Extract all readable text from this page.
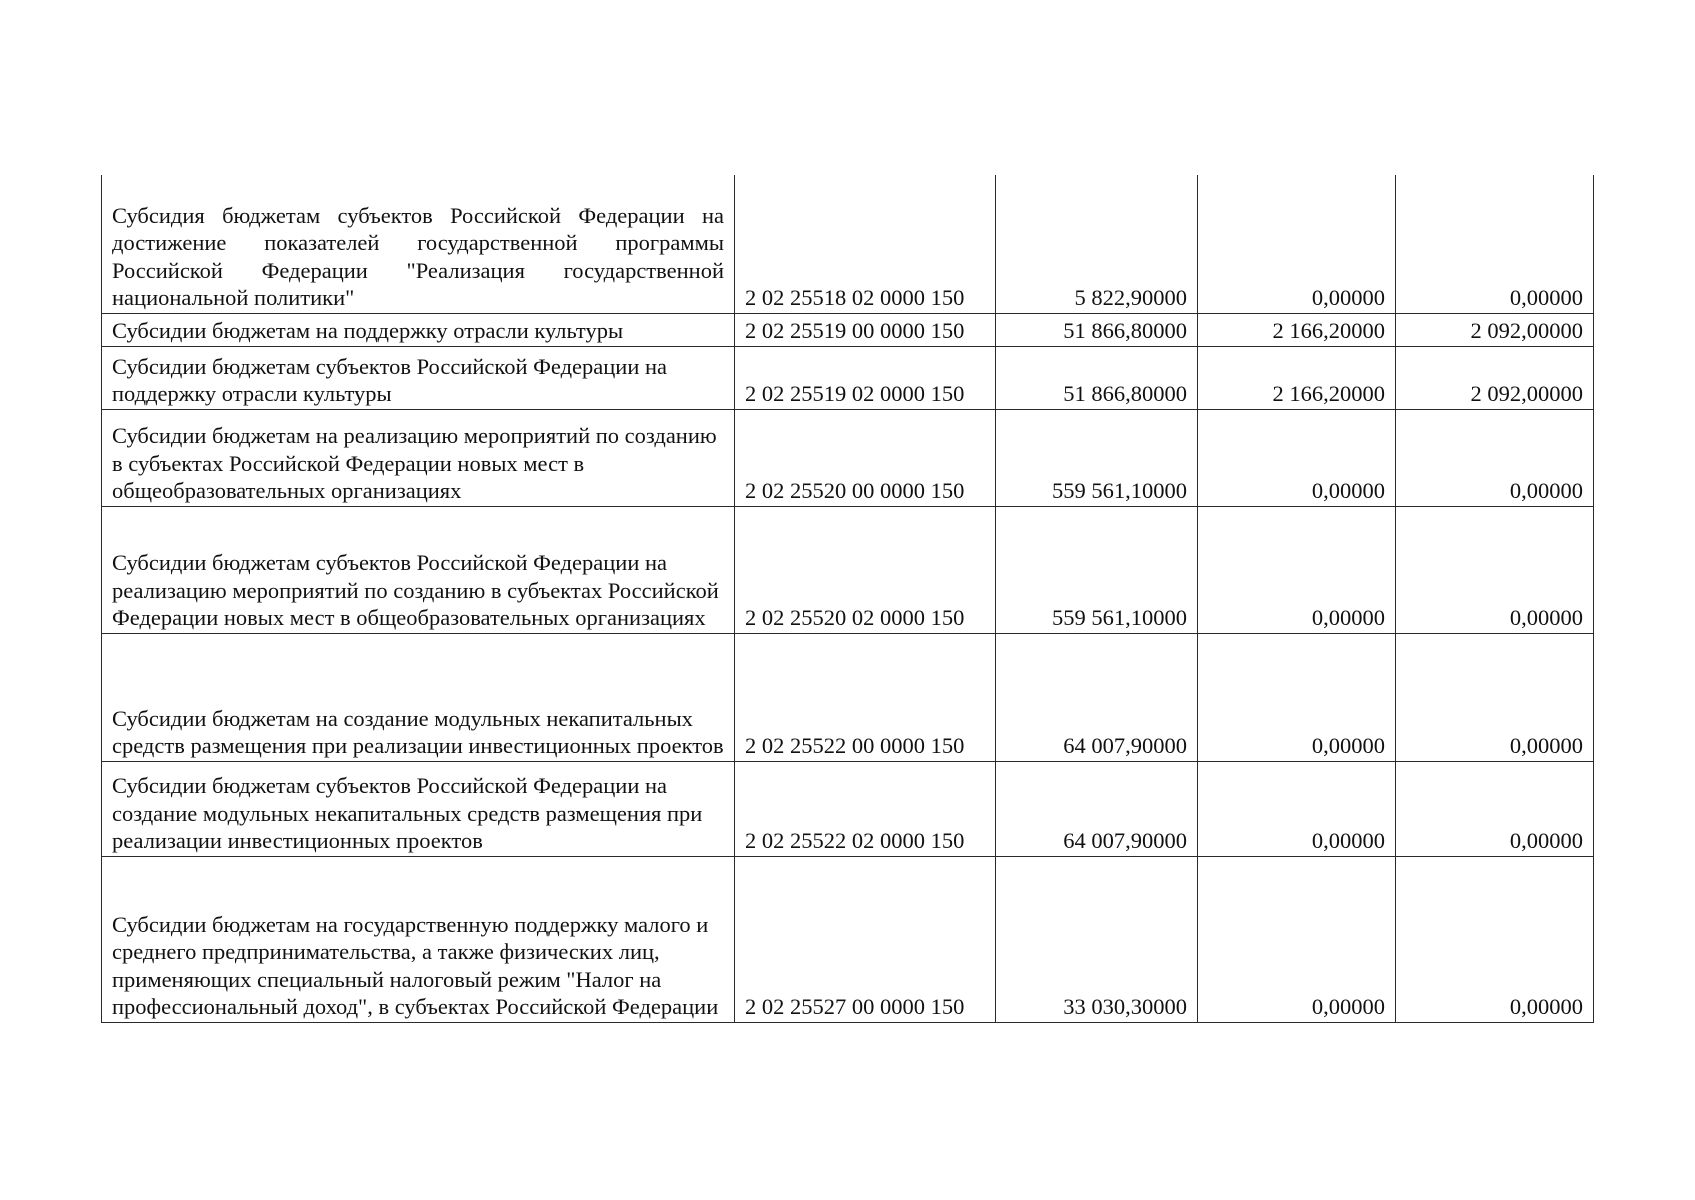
Субсидия бюджетам субъектов Российской Федерации на достижение показателей государственной программы Российской Федерации "Реализация государственной национальной политики"	2 02 25518 02 0000 150	5 822,90000	0,00000	0,00000
Субсидии бюджетам на поддержку отрасли культуры	2 02 25519 00 0000 150	51 866,80000	2 166,20000	2 092,00000
Субсидии бюджетам субъектов Российской Федерации на поддержку отрасли культуры	2 02 25519 02 0000 150	51 866,80000	2 166,20000	2 092,00000
Субсидии бюджетам на реализацию мероприятий по созданию в субъектах Российской Федерации новых мест в общеобразовательных организациях	2 02 25520 00 0000 150	559 561,10000	0,00000	0,00000
Субсидии бюджетам субъектов Российской Федерации на реализацию мероприятий по созданию в субъектах Российской Федерации новых мест в общеобразовательных организациях	2 02 25520 02 0000 150	559 561,10000	0,00000	0,00000
Субсидии бюджетам на создание модульных некапитальных средств размещения при реализации инвестиционных проектов	2 02 25522 00 0000 150	64 007,90000	0,00000	0,00000
Субсидии бюджетам субъектов Российской Федерации на создание модульных некапитальных средств размещения при реализации инвестиционных проектов	2 02 25522 02 0000 150	64 007,90000	0,00000	0,00000
Субсидии бюджетам на государственную поддержку малого и среднего предпринимательства, а также физических лиц, применяющих специальный налоговый режим "Налог на профессиональный доход", в субъектах Российской Федерации	2 02 25527 00 0000 150	33 030,30000	0,00000	0,00000
